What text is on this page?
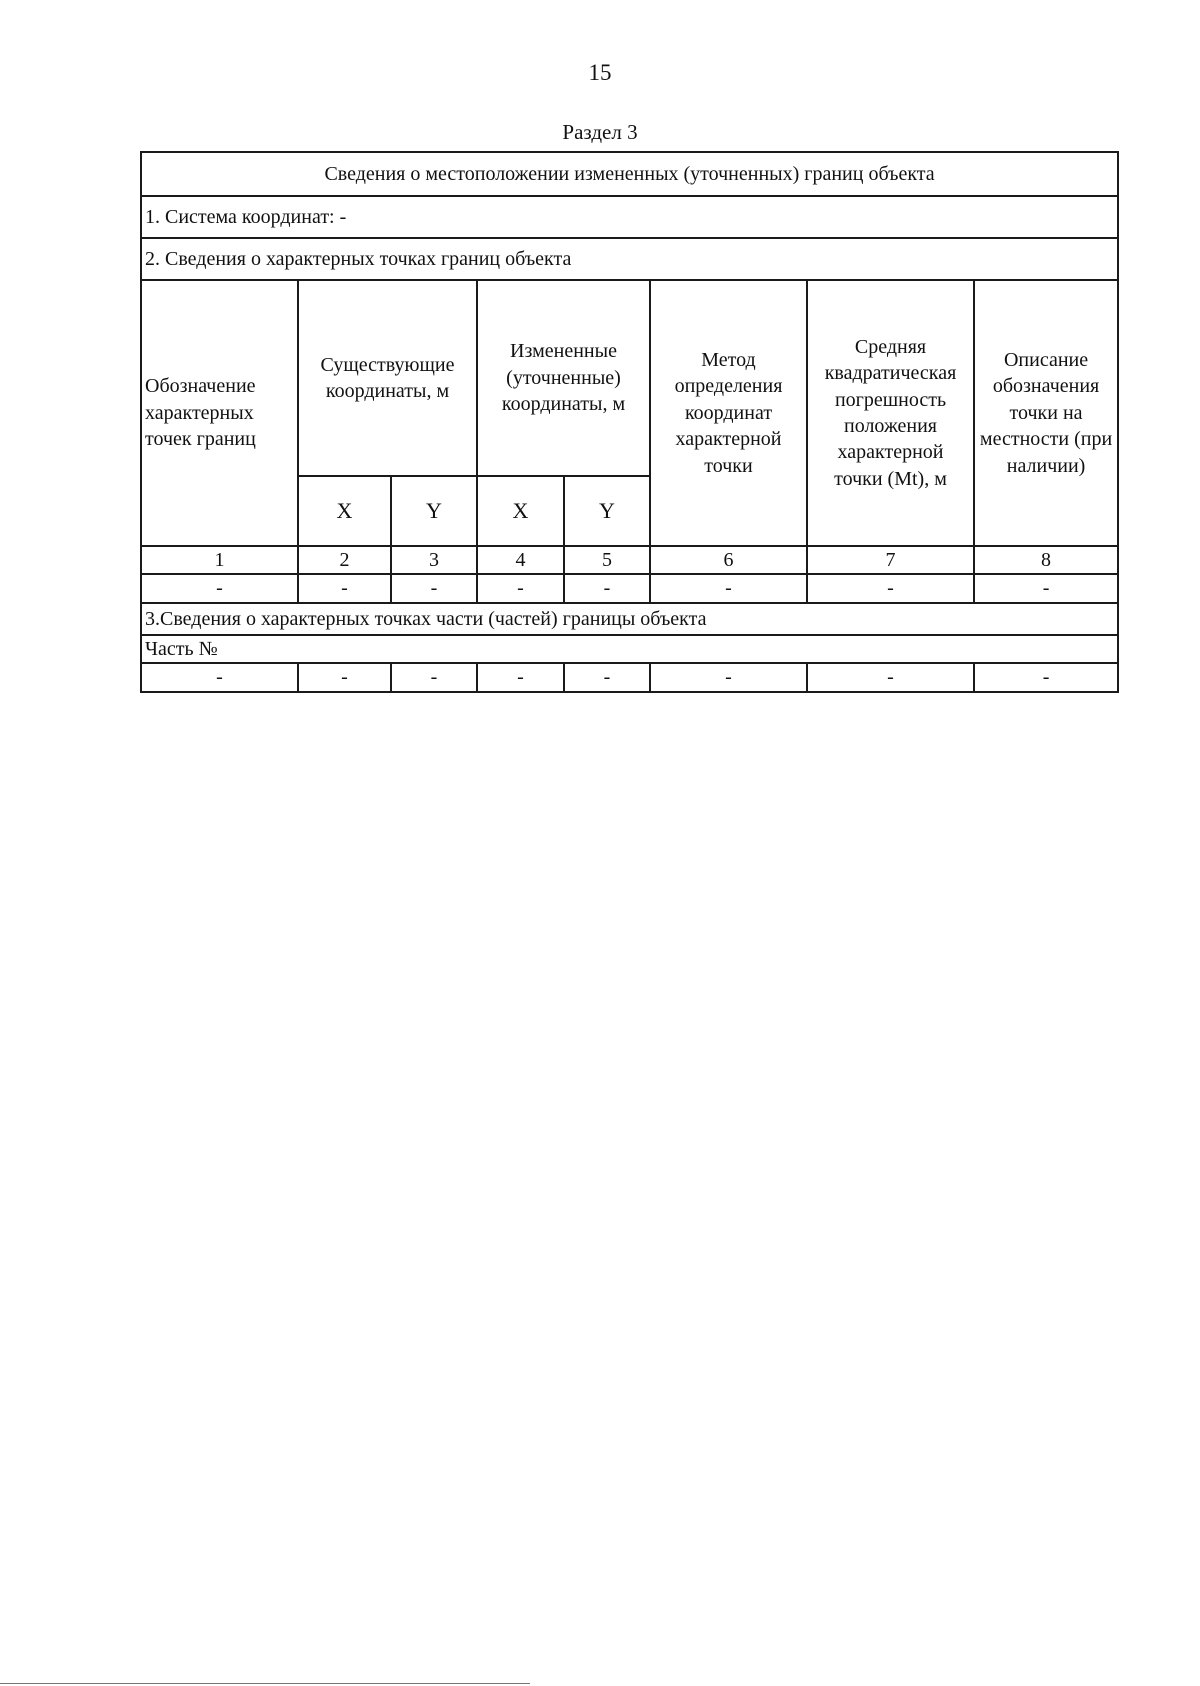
15
Раздел 3
Сведения о местоположении измененных (уточненных) границ объекта							
1. Система координат: -							
2. Сведения о характерных точках границ объекта							
Обозначение характерных точек границ	Существующие координаты, м		Измененные (уточненные) координаты, м		Метод определения координат характерной точки	Средняя квадратическая погрешность положения характерной точки (Mt), м	Описание обозначения точки на местности (при наличии)
	X	Y	X	Y			
1	2	3	4	5	6	7	8
-	-	-	-	-	-	-	-
3.Сведения о характерных точках части (частей) границы объекта							
Часть №							
-	-	-	-	-	-	-	-
